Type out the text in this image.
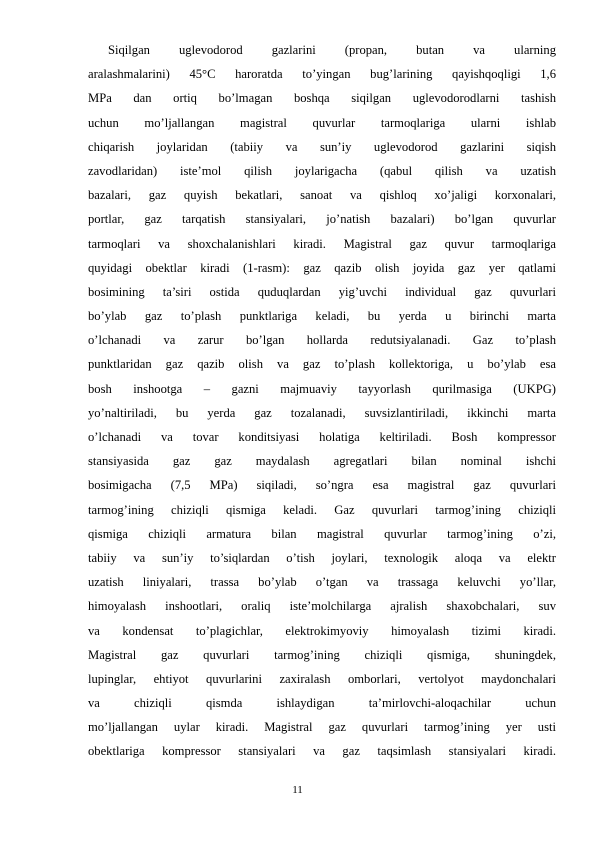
Siqilgan uglevodorod gazlarini (propan, butan va ularning
aralashmalarini) 45°C haroratda to’yingan bug’larining qayishqoqligi 1,6
MPa dan ortiq bo’lmagan boshqa siqilgan uglevodorodlarni tashish
uchun mo’ljallangan magistral quvurlar tarmoqlariga ularni ishlab
chiqarish joylaridan (tabiiy va sun’iy uglevodorod gazlarini siqish
zavodlaridan) iste’mol qilish joylarigacha (qabul qilish va uzatish
bazalari, gaz quyish bekatlari, sanoat va qishloq xo’jaligi korxonalari,
portlar, gaz tarqatish stansiyalari, jo’natish bazalari) bo’lgan quvurlar
tarmoqlari va shoxchalanishlari kiradi. Magistral gaz quvur tarmoqlariga
quyidagi obektlar kiradi (1-rasm): gaz qazib olish joyida gaz yer qatlami
bosimining ta’siri ostida quduqlardan yig’uvchi individual gaz quvurlari
bo’ylab gaz to’plash punktlariga keladi, bu yerda u birinchi marta
o’lchanadi va zarur bo’lgan hollarda redutsiyalanadi. Gaz to’plash
punktlaridan gaz qazib olish va gaz to’plash kollektoriga, u bo’ylab esa
bosh inshootga – gazni majmuaviy tayyorlash qurilmasiga (UKPG)
yo’naltiriladi, bu yerda gaz tozalanadi, suvsizlantiriladi, ikkinchi marta
o’lchanadi va tovar konditsiyasi holatiga keltiriladi. Bosh kompressor
stansiyasida gaz gaz maydalash agregatlari bilan nominal ishchi
bosimigacha (7,5 MPa) siqiladi, so’ngra esa magistral gaz quvurlari
tarmog’ining chiziqli qismiga keladi. Gaz quvurlari tarmog’ining chiziqli
qismiga chiziqli armatura bilan magistral quvurlar tarmog’ining o’zi,
tabiiy va sun’iy to’siqlardan o’tish joylari, texnologik aloqa va elektr
uzatish liniyalari, trassa bo’ylab o’tgan va trassaga keluvchi yo’llar,
himoyalash inshootlari, oraliq iste’molchilarga ajralish shaxobchalari, suv
va kondensat to’plagichlar, elektrokimyoviy himoyalash tizimi kiradi.
Magistral gaz quvurlari tarmog’ining chiziqli qismiga, shuningdek,
lupinglar, ehtiyot quvurlarini zaxiralash omborlari, vertolyot maydonchalari
va chiziqli qismda ishlaydigan ta’mirlovchi-aloqachilar uchun
mo’ljallangan uylar kiradi. Magistral gaz quvurlari tarmog’ining yer usti
obektlariga kompressor stansiyalari va gaz taqsimlash stansiyalari kiradi.
11
